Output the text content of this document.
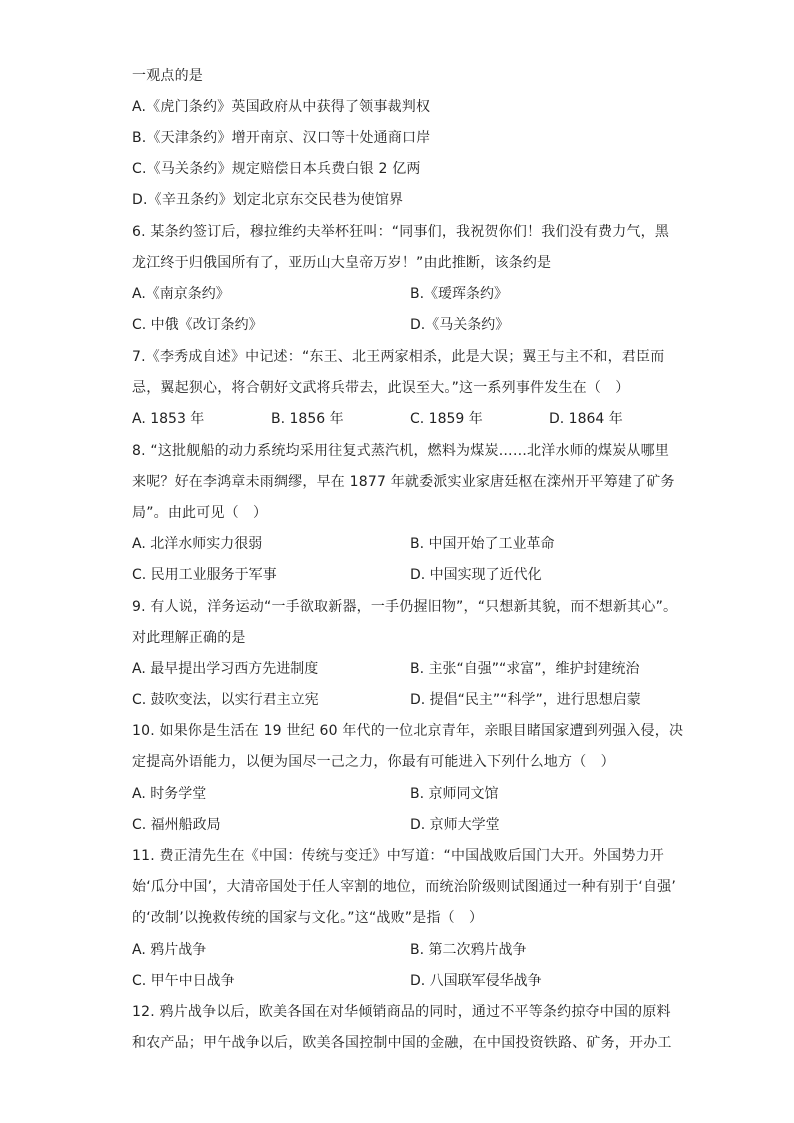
一观点的是
A.《虎门条约》英国政府从中获得了领事裁判权
B.《天津条约》增开南京、汉口等十处通商口岸
C.《马关条约》规定赔偿日本兵费白银 2 亿两
D.《辛丑条约》划定北京东交民巷为使馆界
6. 某条约签订后，穆拉维约夫举杯狂叫：“同事们，我祝贺你们！我们没有费力气，黑
龙江终于归俄国所有了，亚历山大皇帝万岁！”由此推断，该条约是
A.《南京条约》	B.《瑷珲条约》
C. 中俄《改订条约》	D.《马关条约》
7.《李秀成自述》中记述：“东王、北王两家相杀，此是大误；翼王与主不和，君臣而
忌，翼起狈心，将合朝好文武将兵带去，此误至大。”这一系列事件发生在（　）
A. 1853 年	B. 1856 年	C. 1859 年	D. 1864 年
8. “这批舰船的动力系统均采用往复式蒸汽机，燃料为煤炭……北洋水师的煤炭从哪里
来呢？好在李鸿章未雨绸缪，早在 1877 年就委派实业家唐廷枢在滦州开平筹建了矿务
局”。由此可见（　）
A. 北洋水师实力很弱	B. 中国开始了工业革命
C. 民用工业服务于军事	D. 中国实现了近代化
9. 有人说，洋务运动“一手欲取新器，一手仍握旧物”，“只想新其貌，而不想新其心”。
对此理解正确的是
A. 最早提出学习西方先进制度	B. 主张“自强”“求富”，维护封建统治
C. 鼓吹变法，以实行君主立宪	D. 提倡“民主”“科学”，进行思想启蒙
10. 如果你是生活在 19 世纪 60 年代的一位北京青年，亲眼目睹国家遭到列强入侵，决
定提高外语能力，以便为国尽一己之力，你最有可能进入下列什么地方（　）
A. 时务学堂	B. 京师同文馆
C. 福州船政局	D. 京师大学堂
11. 费正清先生在《中国：传统与变迁》中写道：“中国战败后国门大开。外国势力开
始‘瓜分中国’，大清帝国处于任人宰割的地位，而统治阶级则试图通过一种有别于‘自强’
的‘改制’以挽救传统的国家与文化。”这“战败”是指（　）
A. 鸦片战争	B. 第二次鸦片战争
C. 甲午中日战争	D. 八国联军侵华战争
12. 鸦片战争以后，欧美各国在对华倾销商品的同时，通过不平等条约掠夺中国的原料
和农产品；甲午战争以后，欧美各国控制中国的金融，在中国投资铁路、矿务，开办工
